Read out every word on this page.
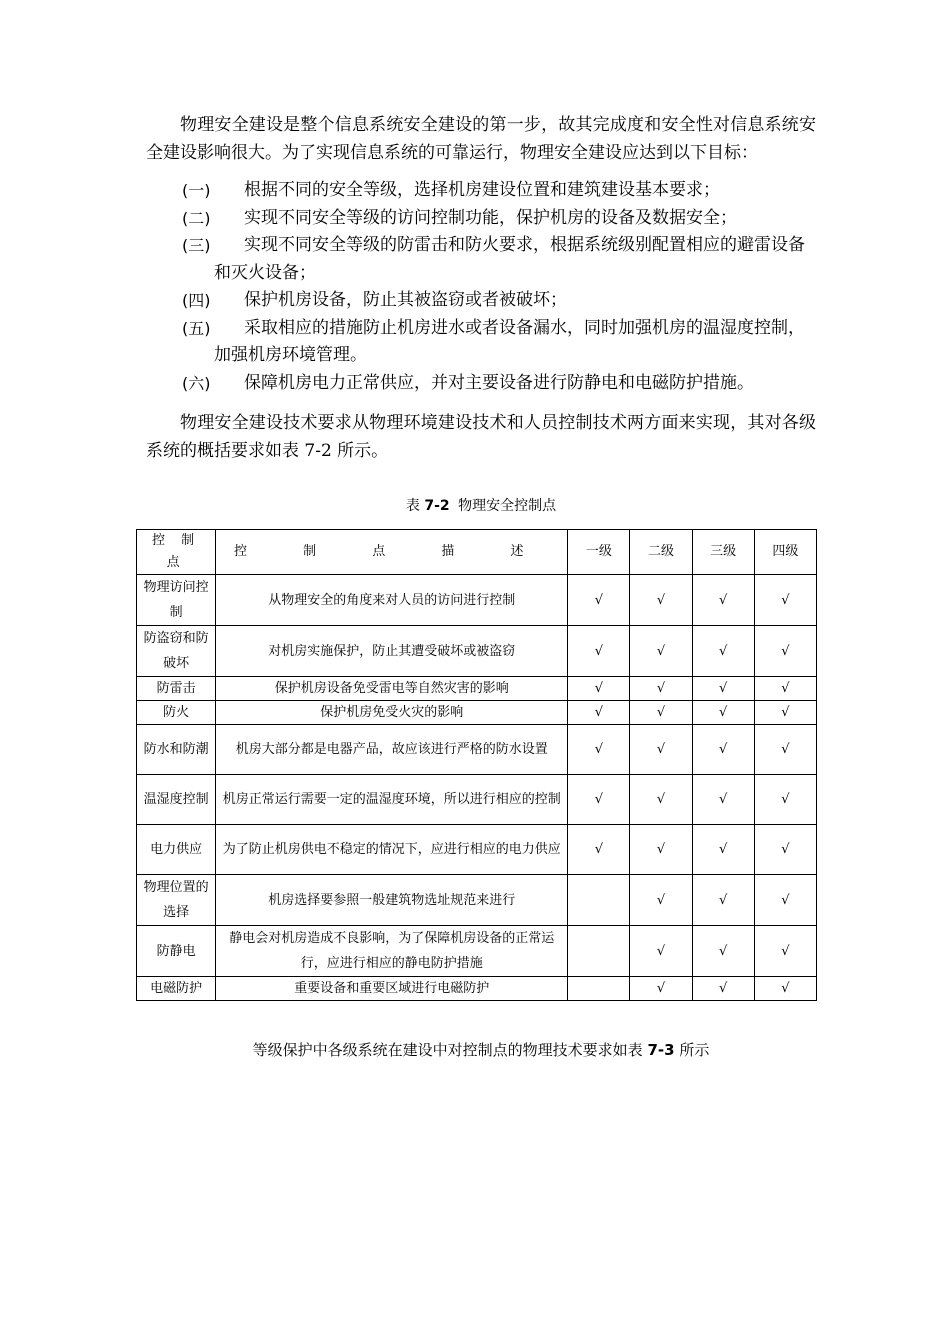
物理安全建设是整个信息系统安全建设的第一步，故其完成度和安全性对信息系统安全建设影响很大。为了实现信息系统的可靠运行，物理安全建设应达到以下目标：

(一)	根据不同的安全等级，选择机房建设位置和建筑建设基本要求；
(二)	实现不同安全等级的访问控制功能，保护机房的设备及数据安全；
(三)	实现不同安全等级的防雷击和防火要求，根据系统级别配置相应的避雷设备和灭火设备；
(四)	保护机房设备，防止其被盗窃或者被破坏；
(五)	采取相应的措施防止机房进水或者设备漏水，同时加强机房的温湿度控制，加强机房环境管理。
(六)	保障机房电力正常供应，并对主要设备进行防静电和电磁防护措施。

物理安全建设技术要求从物理环境建设技术和人员控制技术两方面来实现，其对各级系统的概括要求如表 7-2 所示。

表 7-2 物理安全控制点
控 制 点	控 制 点 描 述	一级	二级	三级	四级
物理访问控制	从物理安全的角度来对人员的访问进行控制	√	√	√	√
防盗窃和防破坏	对机房实施保护，防止其遭受破坏或被盗窃	√	√	√	√
防雷击	保护机房设备免受雷电等自然灾害的影响	√	√	√	√
防火	保护机房免受火灾的影响	√	√	√	√
防水和防潮	机房大部分都是电器产品，故应该进行严格的防水设置	√	√	√	√
温湿度控制	机房正常运行需要一定的温湿度环境，所以进行相应的控制	√	√	√	√
电力供应	为了防止机房供电不稳定的情况下，应进行相应的电力供应	√	√	√	√
物理位置的选择	机房选择要参照一般建筑物选址规范来进行		√	√	√
防静电	静电会对机房造成不良影响，为了保障机房设备的正常运行，应进行相应的静电防护措施		√	√	√
电磁防护	重要设备和重要区域进行电磁防护		√	√	√
等级保护中各级系统在建设中对控制点的物理技术要求如表 7-3 所示
